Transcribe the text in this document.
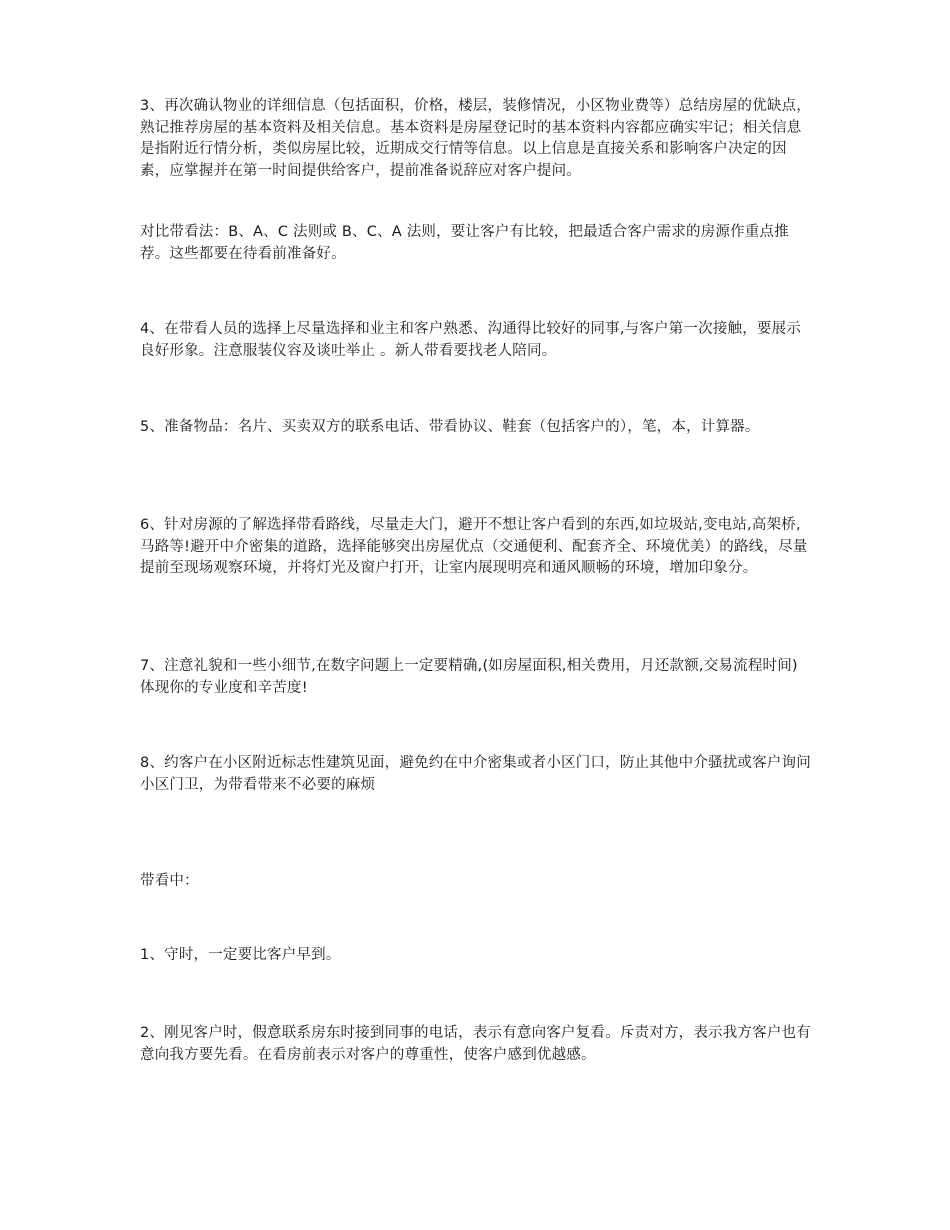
3、再次确认物业的详细信息（包括面积，价格，楼层，装修情况，小区物业费等）总结房屋的优缺点，熟记推荐房屋的基本资料及相关信息。基本资料是房屋登记时的基本资料内容都应确实牢记；相关信息是指附近行情分析，类似房屋比较，近期成交行情等信息。以上信息是直接关系和影响客户决定的因素，应掌握并在第一时间提供给客户，提前准备说辞应对客户提问。

对比带看法：B、A、C 法则或 B、C、A 法则，要让客户有比较，把最适合客户需求的房源作重点推荐。这些都要在待看前准备好。

4、在带看人员的选择上尽量选择和业主和客户熟悉、沟通得比较好的同事,与客户第一次接触，要展示良好形象。注意服装仪容及谈吐举止 。新人带看要找老人陪同。

5、准备物品：名片、买卖双方的联系电话、带看协议、鞋套（包括客户的），笔，本，计算器。

6、针对房源的了解选择带看路线，尽量走大门，避开不想让客户看到的东西,如垃圾站,变电站,高架桥,马路等!避开中介密集的道路，选择能够突出房屋优点（交通便利、配套齐全、环境优美）的路线，尽量提前至现场观察环境，并将灯光及窗户打开，让室内展现明亮和通风顺畅的环境，增加印象分。

7、注意礼貌和一些小细节,在数字问题上一定要精确,(如房屋面积,相关费用，月还款额,交易流程时间)体现你的专业度和辛苦度!

8、约客户在小区附近标志性建筑见面，避免约在中介密集或者小区门口，防止其他中介骚扰或客户询问小区门卫，为带看带来不必要的麻烦

带看中：

1、守时，一定要比客户早到。

2、刚见客户时，假意联系房东时接到同事的电话，表示有意向客户复看。斥责对方，表示我方客户也有意向我方要先看。在看房前表示对客户的尊重性，使客户感到优越感。
